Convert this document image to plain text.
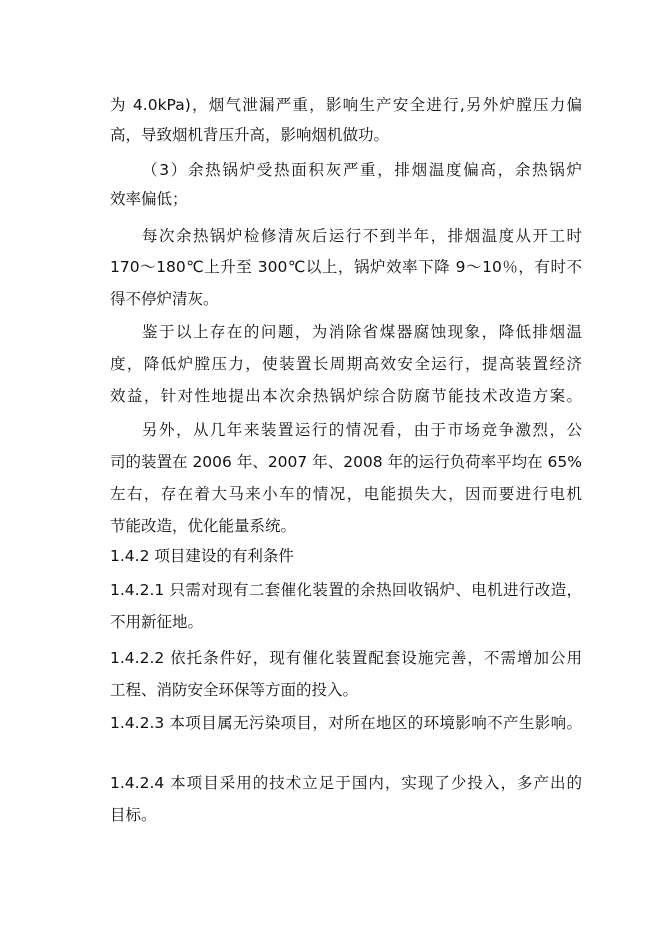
为 4.0kPa)，烟气泄漏严重，影响生产安全进行,另外炉膛压力偏
高，导致烟机背压升高，影响烟机做功。
（3）余热锅炉受热面积灰严重，排烟温度偏高，余热锅炉
效率偏低；
每次余热锅炉检修清灰后运行不到半年，排烟温度从开工时
170～180℃上升至 300℃以上，锅炉效率下降 9～10％，有时不
得不停炉清灰。
鉴于以上存在的问题，为消除省煤器腐蚀现象，降低排烟温
度，降低炉膛压力，使装置长周期高效安全运行，提高装置经济
效益，针对性地提出本次余热锅炉综合防腐节能技术改造方案。
另外，从几年来装置运行的情况看，由于市场竞争激烈，公
司的装置在 2006 年、2007 年、2008 年的运行负荷率平均在 65%
左右，存在着大马来小车的情况，电能损失大，因而要进行电机
节能改造，优化能量系统。
1.4.2 项目建设的有利条件
1.4.2.1 只需对现有二套催化装置的余热回收锅炉、电机进行改造，
不用新征地。
1.4.2.2 依托条件好，现有催化装置配套设施完善，不需增加公用
工程、消防安全环保等方面的投入。
1.4.2.3 本项目属无污染项目，对所在地区的环境影响不产生影响。
1.4.2.4 本项目采用的技术立足于国内，实现了少投入，多产出的
目标。
